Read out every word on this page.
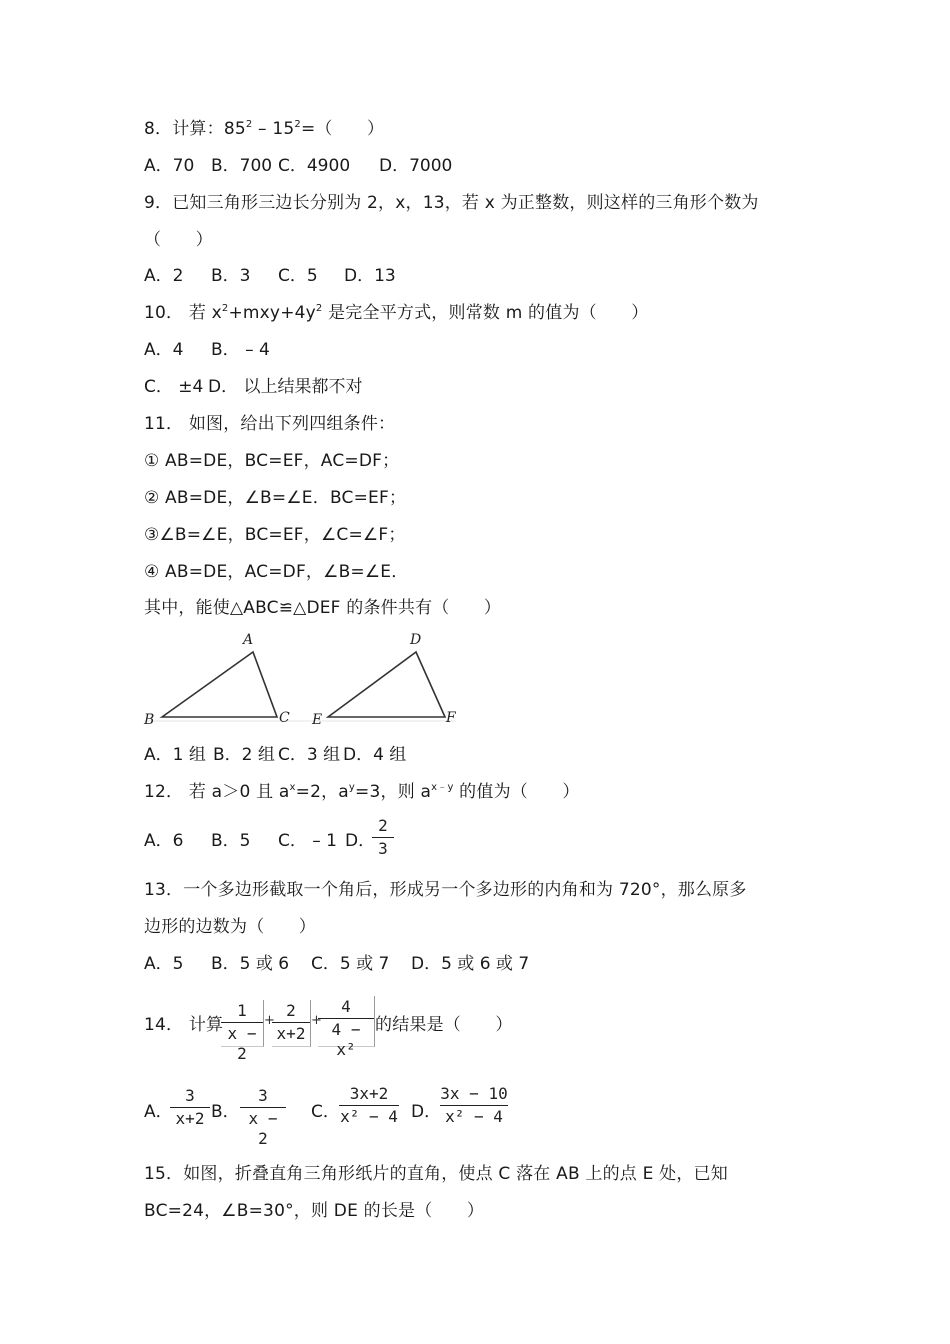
8．计算：$85^2 - 15^2=$（　　）
A．70 B．700 C．4900 D．7000
9．已知三角形三边长分别为 2，x，13，若 x 为正整数，则这样的三角形个数为
（　　）
A．2 B．3 C．5 D．13
10． 若 $x^2+mxy+4y^2$ 是完全平方式，则常数 m 的值为（　　）
A．4 B． – 4
C． ±4 D． 以上结果都不对
11． 如图，给出下列四组条件：
① AB=DE，BC=EF，AC=DF；
② AB=DE，∠B=∠E．BC=EF；
③∠B=∠E，BC=EF，∠C=∠F；
④ AB=DE，AC=DF，∠B=∠E．
其中，能使△ABC≌△DEF 的条件共有（　　）
A
B	C
D
E	F
A．1 组 B．2 组 C．3 组 D．4 组
12． 若 a＞0 且 $a^x=2$，$a^y=3$，则 $a^{x﹣y}$ 的值为（　　）
A．6 B．5 C． – 1 D．
2
3
13．一个多边形截取一个角后，形成另一个多边形的内角和为 720°，那么原多
边形的边数为（　　）
A．5 B．5 或 6 C．5 或 7 D．5 或 6 或 7
14． 计算
1
x − 2
+
2
x+2
+
4
4 − x²
的结果是（　　）
A．
3
x+2 B．
3
x − 2
C．
3x+2
x² − 4 D．
3x − 10
x² − 4
15．如图，折叠直角三角形纸片的直角，使点 C 落在 AB 上的点 E 处，已知
BC=24，∠B=30°，则 DE 的长是（　　）
